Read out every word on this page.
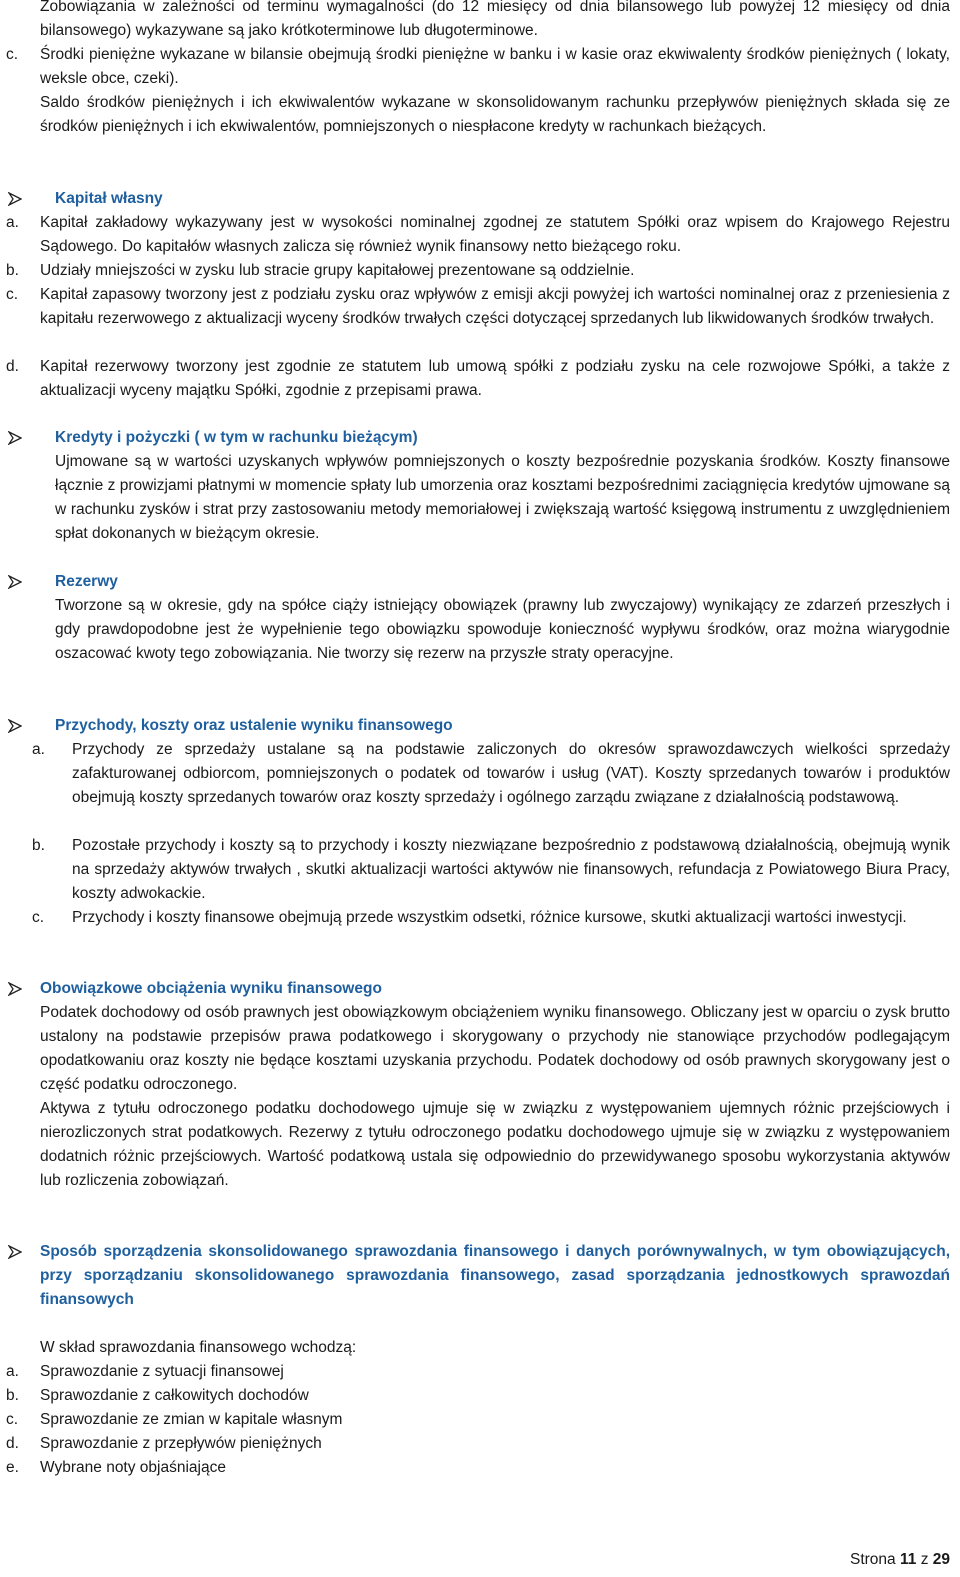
Zobowiązania w zależności od terminu wymagalności (do 12 miesięcy od dnia bilansowego lub powyżej 12 miesięcy od dnia bilansowego) wykazywane są jako krótkoterminowe lub długoterminowe.
c. Środki pieniężne wykazane w bilansie obejmują środki pieniężne w banku i w kasie oraz ekwiwalenty środków pieniężnych ( lokaty, weksle obce, czeki).
Saldo środków pieniężnych i ich ekwiwalentów wykazane w skonsolidowanym rachunku przepływów pieniężnych składa się ze środków pieniężnych i ich ekwiwalentów, pomniejszonych o niespłacone kredyty w rachunkach bieżących.
Kapitał własny
a. Kapitał zakładowy wykazywany jest w wysokości nominalnej zgodnej ze statutem Spółki oraz wpisem do Krajowego Rejestru Sądowego. Do kapitałów własnych zalicza się również wynik finansowy netto bieżącego roku.
b. Udziały mniejszości w zysku lub stracie grupy kapitałowej prezentowane są oddzielnie.
c. Kapitał zapasowy tworzony jest z podziału zysku oraz wpływów z emisji akcji powyżej ich wartości nominalnej oraz z przeniesienia z kapitału rezerwowego z aktualizacji wyceny środków trwałych części dotyczącej sprzedanych lub likwidowanych środków trwałych.
d. Kapitał rezerwowy tworzony jest zgodnie ze statutem lub umową spółki z podziału zysku na cele rozwojowe Spółki, a także z aktualizacji wyceny majątku Spółki, zgodnie z przepisami prawa.
Kredyty i pożyczki ( w tym w rachunku bieżącym)
Ujmowane są w wartości uzyskanych wpływów pomniejszonych o koszty bezpośrednie pozyskania środków. Koszty finansowe łącznie z prowizjami płatnymi w momencie spłaty lub umorzenia oraz kosztami bezpośrednimi zaciągnięcia kredytów ujmowane są w rachunku zysków i strat przy zastosowaniu metody memoriałowej i zwiększają wartość księgową instrumentu z uwzględnieniem spłat dokonanych w bieżącym okresie.
Rezerwy
Tworzone są w okresie, gdy na spółce ciąży istniejący obowiązek (prawny lub zwyczajowy) wynikający ze zdarzeń przeszłych i gdy prawdopodobne jest że wypełnienie tego obowiązku spowoduje konieczność wypływu środków, oraz można wiarygodnie oszacować kwoty tego zobowiązania. Nie tworzy się rezerw na przyszłe straty operacyjne.
Przychody, koszty oraz ustalenie wyniku finansowego
a. Przychody ze sprzedaży ustalane są na podstawie zaliczonych do okresów sprawozdawczych wielkości sprzedaży zafakturowanej odbiorcom, pomniejszonych o podatek od towarów i usług (VAT). Koszty sprzedanych towarów i produktów obejmują koszty sprzedanych towarów oraz koszty sprzedaży i ogólnego zarządu związane z działalnością podstawową.
b. Pozostałe przychody i koszty są to przychody i koszty niezwiązane bezpośrednio z podstawową działalnością, obejmują wynik na sprzedaży aktywów trwałych , skutki aktualizacji wartości aktywów nie finansowych, refundacja z Powiatowego Biura Pracy, koszty adwokackie.
c. Przychody i koszty finansowe obejmują przede wszystkim odsetki, różnice kursowe, skutki aktualizacji wartości inwestycji.
Obowiązkowe obciążenia wyniku finansowego
Podatek dochodowy od osób prawnych jest obowiązkowym obciążeniem wyniku finansowego. Obliczany jest w oparciu o zysk brutto ustalony na podstawie przepisów prawa podatkowego i skorygowany o przychody nie stanowiące przychodów podlegającym opodatkowaniu oraz koszty nie będące kosztami uzyskania przychodu. Podatek dochodowy od osób prawnych skorygowany jest o część podatku odroczonego.
Aktywa z tytułu odroczonego podatku dochodowego ujmuje się w związku z występowaniem ujemnych różnic przejściowych i nierozliczonych strat podatkowych. Rezerwy z tytułu odroczonego podatku dochodowego ujmuje się w związku z występowaniem dodatnich różnic przejściowych. Wartość podatkową ustala się odpowiednio do przewidywanego sposobu wykorzystania aktywów lub rozliczenia zobowiązań.
Sposób sporządzenia skonsolidowanego sprawozdania finansowego i danych porównywalnych, w tym obowiązujących, przy sporządzaniu skonsolidowanego sprawozdania finansowego, zasad sporządzania jednostkowych sprawozdań finansowych
W skład sprawozdania finansowego wchodzą:
a. Sprawozdanie z sytuacji finansowej
b. Sprawozdanie z całkowitych dochodów
c. Sprawozdanie ze zmian w kapitale własnym
d. Sprawozdanie z przepływów pieniężnych
e. Wybrane noty objaśniające
Strona 11 z 29
